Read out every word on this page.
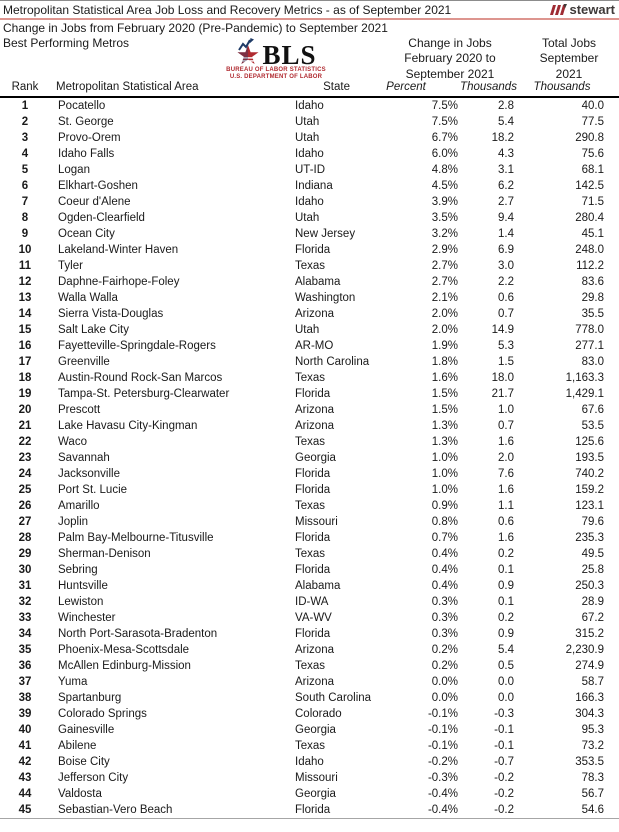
Metropolitan Statistical Area Job Loss and Recovery Metrics - as of September 2021	stewart
Change in Jobs from February 2020 (Pre-Pandemic) to September 2021
Best Performing Metros	BLS
BUREAU OF LABOR STATISTICS
U.S. DEPARTMENT OF LABOR
Change in Jobs
February 2020 to
September 2021
Total Jobs
September
2021
Rank	Metropolitan Statistical Area	State	Percent	Thousands	Thousands
1	Pocatello	Idaho	7.5%	2.8	40.0
2	St. George	Utah	7.5%	5.4	77.5
3	Provo-Orem	Utah	6.7%	18.2	290.8
4	Idaho Falls	Idaho	6.0%	4.3	75.6
5	Logan	UT-ID	4.8%	3.1	68.1
6	Elkhart-Goshen	Indiana	4.5%	6.2	142.5
7	Coeur d'Alene	Idaho	3.9%	2.7	71.5
8	Ogden-Clearfield	Utah	3.5%	9.4	280.4
9	Ocean City	New Jersey	3.2%	1.4	45.1
10	Lakeland-Winter Haven	Florida	2.9%	6.9	248.0
11	Tyler	Texas	2.7%	3.0	112.2
12	Daphne-Fairhope-Foley	Alabama	2.7%	2.2	83.6
13	Walla Walla	Washington	2.1%	0.6	29.8
14	Sierra Vista-Douglas	Arizona	2.0%	0.7	35.5
15	Salt Lake City	Utah	2.0%	14.9	778.0
16	Fayetteville-Springdale-Rogers	AR-MO	1.9%	5.3	277.1
17	Greenville	North Carolina	1.8%	1.5	83.0
18	Austin-Round Rock-San Marcos	Texas	1.6%	18.0	1,163.3
19	Tampa-St. Petersburg-Clearwater	Florida	1.5%	21.7	1,429.1
20	Prescott	Arizona	1.5%	1.0	67.6
21	Lake Havasu City-Kingman	Arizona	1.3%	0.7	53.5
22	Waco	Texas	1.3%	1.6	125.6
23	Savannah	Georgia	1.0%	2.0	193.5
24	Jacksonville	Florida	1.0%	7.6	740.2
25	Port St. Lucie	Florida	1.0%	1.6	159.2
26	Amarillo	Texas	0.9%	1.1	123.1
27	Joplin	Missouri	0.8%	0.6	79.6
28	Palm Bay-Melbourne-Titusville	Florida	0.7%	1.6	235.3
29	Sherman-Denison	Texas	0.4%	0.2	49.5
30	Sebring	Florida	0.4%	0.1	25.8
31	Huntsville	Alabama	0.4%	0.9	250.3
32	Lewiston	ID-WA	0.3%	0.1	28.9
33	Winchester	VA-WV	0.3%	0.2	67.2
34	North Port-Sarasota-Bradenton	Florida	0.3%	0.9	315.2
35	Phoenix-Mesa-Scottsdale	Arizona	0.2%	5.4	2,230.9
36	McAllen Edinburg-Mission	Texas	0.2%	0.5	274.9
37	Yuma	Arizona	0.0%	0.0	58.7
38	Spartanburg	South Carolina	0.0%	0.0	166.3
39	Colorado Springs	Colorado	-0.1%	-0.3	304.3
40	Gainesville	Georgia	-0.1%	-0.1	95.3
41	Abilene	Texas	-0.1%	-0.1	73.2
42	Boise City	Idaho	-0.2%	-0.7	353.5
43	Jefferson City	Missouri	-0.3%	-0.2	78.3
44	Valdosta	Georgia	-0.4%	-0.2	56.7
45	Sebastian-Vero Beach	Florida	-0.4%	-0.2	54.6
